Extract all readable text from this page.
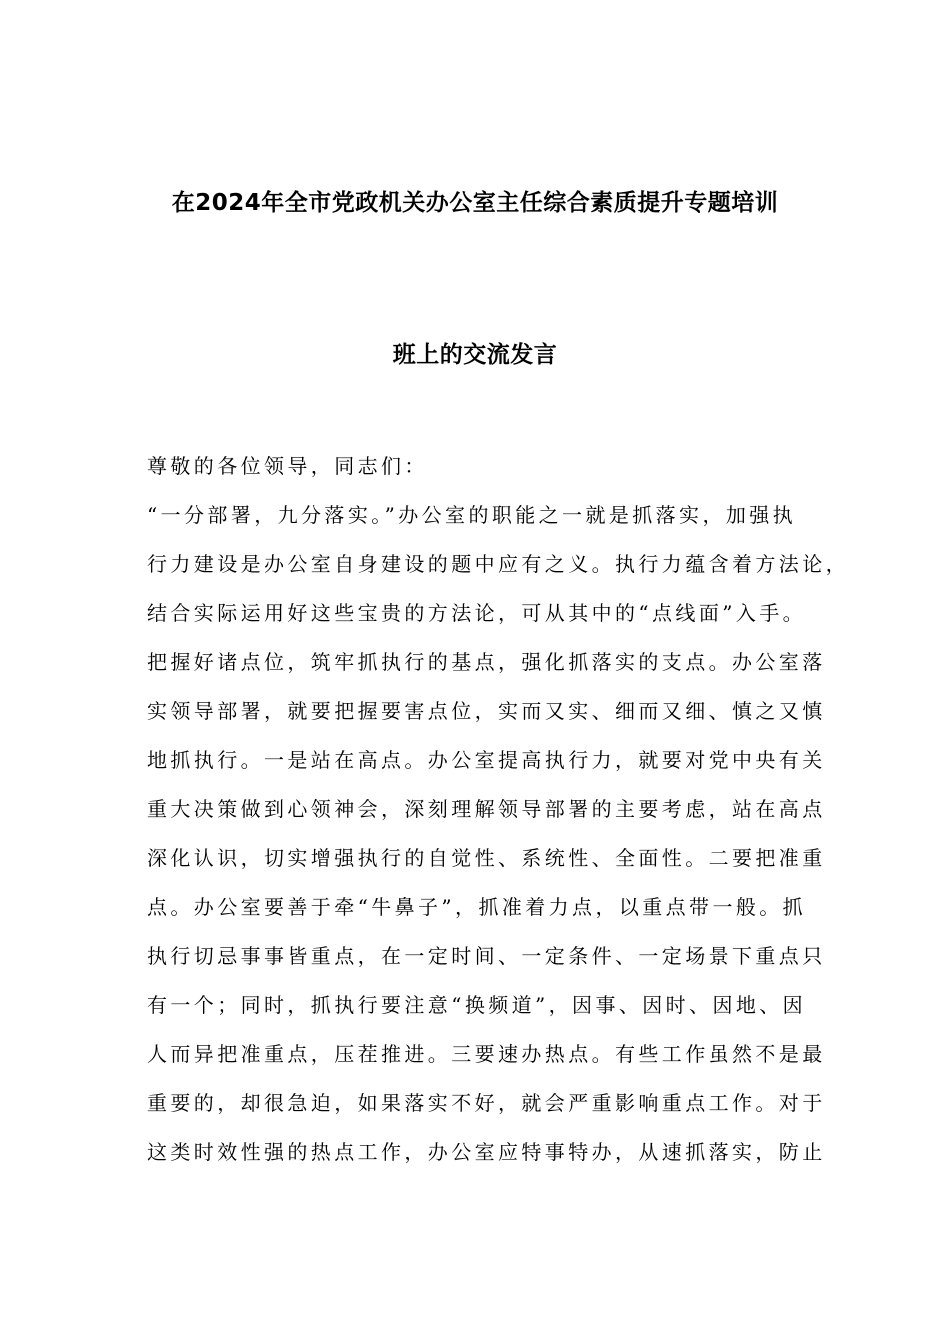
在2024年全市党政机关办公室主任综合素质提升专题培训
班上的交流发言
尊敬的各位领导，同志们：
“一分部署，九分落实。”办公室的职能之一就是抓落实，加强执
行力建设是办公室自身建设的题中应有之义。执行力蕴含着方法论，
结合实际运用好这些宝贵的方法论，可从其中的“点线面”入手。
把握好诸点位，筑牢抓执行的基点，强化抓落实的支点。办公室落
实领导部署，就要把握要害点位，实而又实、细而又细、慎之又慎
地抓执行。一是站在高点。办公室提高执行力，就要对党中央有关
重大决策做到心领神会，深刻理解领导部署的主要考虑，站在高点
深化认识，切实增强执行的自觉性、系统性、全面性。二要把准重
点。办公室要善于牵“牛鼻子”，抓准着力点，以重点带一般。抓
执行切忌事事皆重点，在一定时间、一定条件、一定场景下重点只
有一个；同时，抓执行要注意“换频道”，因事、因时、因地、因
人而异把准重点，压茬推进。三要速办热点。有些工作虽然不是最
重要的，却很急迫，如果落实不好，就会严重影响重点工作。对于
这类时效性强的热点工作，办公室应特事特办，从速抓落实，防止
